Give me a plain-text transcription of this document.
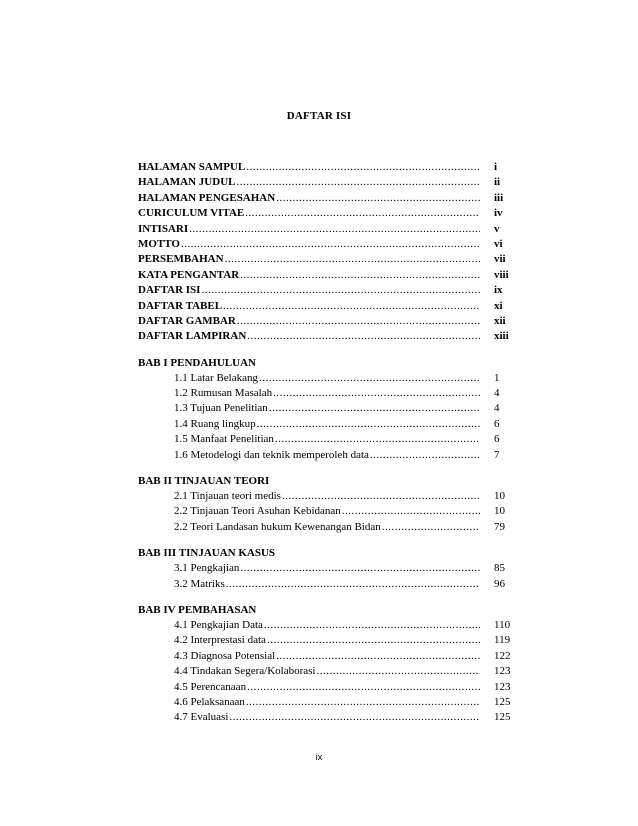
DAFTAR ISI
HALAMAN SAMPUL .....	i
HALAMAN JUDUL .....	ii
HALAMAN PENGESAHAN .....	iii
CURICULUM VITAE .....	iv
INTISARI .....	v
MOTTO .....	vi
PERSEMBAHAN .....	vii
KATA PENGANTAR .....	viii
DAFTAR ISI .....	ix
DAFTAR TABEL .....	xi
DAFTAR GAMBAR .....	xii
DAFTAR LAMPIRAN .....	xiii
BAB I PENDAHULUAN
1.1 Latar Belakang .....	1
1.2 Rumusan Masalah .....	4
1.3 Tujuan Penelitian .....	4
1.4 Ruang lingkup .....	6
1.5 Manfaat Penelitian .....	6
1.6 Metodelogi dan teknik memperoleh data .....	7
BAB II TINJAUAN TEORI
2.1 Tinjauan teori medis .....	10
2.2 Tinjauan Teori Asuhan Kebidanan .....	10
2.2 Teori Landasan hukum Kewenangan Bidan .....	79
BAB III TINJAUAN KASUS
3.1 Pengkajian .....	85
3.2 Matriks .....	96
BAB IV PEMBAHASAN
4.1 Pengkajian Data .....	110
4.2 Interprestasi data .....	119
4.3 Diagnosa Potensial .....	122
4.4 Tindakan Segera/Kolaborasi .....	123
4.5 Perencanaan .....	123
4.6 Pelaksanaan .....	125
4.7 Evaluasi .....	125
ix
